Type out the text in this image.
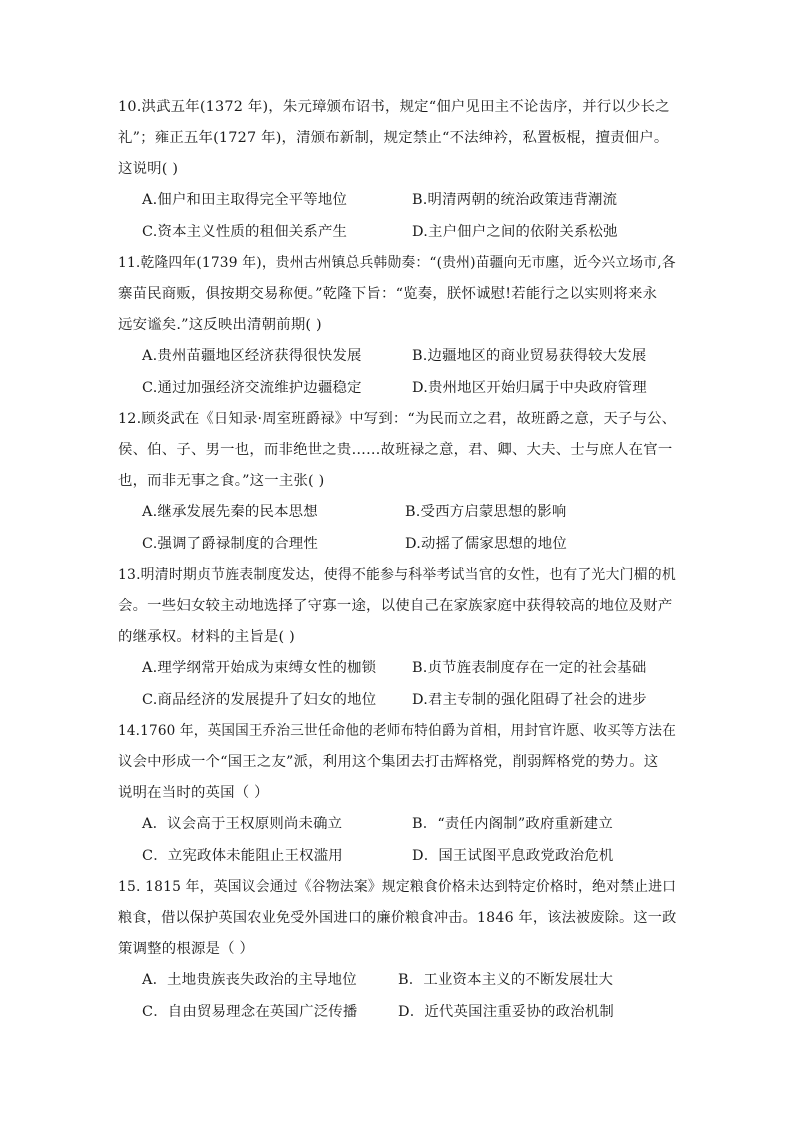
10.洪武五年(1372 年)，朱元璋颁布诏书，规定“佃户见田主不论齿序，并行以少长之
礼”；雍正五年(1727 年)，清颁布新制，规定禁止“不法绅衿，私置板棍，擅责佃户。
这说明( )
A.佃户和田主取得完全平等地位	B.明清两朝的统治政策违背潮流
C.资本主义性质的租佃关系产生	D.主户佃户之间的依附关系松弛
11.乾隆四年(1739 年)，贵州古州镇总兵韩勋奏：“(贵州)苗疆向无市廛，近今兴立场市,各
寨苗民商贩，俱按期交易称便。”乾隆下旨：“览奏，朕怀诚慰!若能行之以实则将来永
远安谧矣.”这反映出清朝前期( )
A.贵州苗疆地区经济获得很快发展	B.边疆地区的商业贸易获得较大发展
C.通过加强经济交流维护边疆稳定	D.贵州地区开始归属于中央政府管理
12.顾炎武在《日知录·周室班爵禄》中写到：“为民而立之君，故班爵之意，天子与公、
侯、伯、子、男一也，而非绝世之贵……故班禄之意，君、卿、大夫、士与庶人在官一
也，而非无事之食。”这一主张( )
A.继承发展先秦的民本思想	B.受西方启蒙思想的影响
C.强调了爵禄制度的合理性	D.动摇了儒家思想的地位
13.明清时期贞节旌表制度发达，使得不能参与科举考试当官的女性，也有了光大门楣的机
会。一些妇女较主动地选择了守寡一途，以使自己在家族家庭中获得较高的地位及财产
的继承权。材料的主旨是( )
A.理学纲常开始成为束缚女性的枷锁 B.贞节旌表制度存在一定的社会基础
C.商品经济的发展提升了妇女的地位 D.君主专制的强化阻碍了社会的进步
14.1760 年，英国国王乔治三世任命他的老师布特伯爵为首相，用封官许愿、收买等方法在
议会中形成一个“国王之友”派，利用这个集团去打击辉格党，削弱辉格党的势力。这
说明在当时的英国（ ）
A．议会高于王权原则尚未确立	B．“责任内阁制”政府重新建立
C．立宪政体未能阻止王权滥用	D．国王试图平息政党政治危机
15. 1815 年，英国议会通过《谷物法案》规定粮食价格未达到特定价格时，绝对禁止进口
粮食，借以保护英国农业免受外国进口的廉价粮食冲击。1846 年，该法被废除。这一政
策调整的根源是（ ）
A．土地贵族丧失政治的主导地位	B．工业资本主义的不断发展壮大
C．自由贸易理念在英国广泛传播	D．近代英国注重妥协的政治机制
